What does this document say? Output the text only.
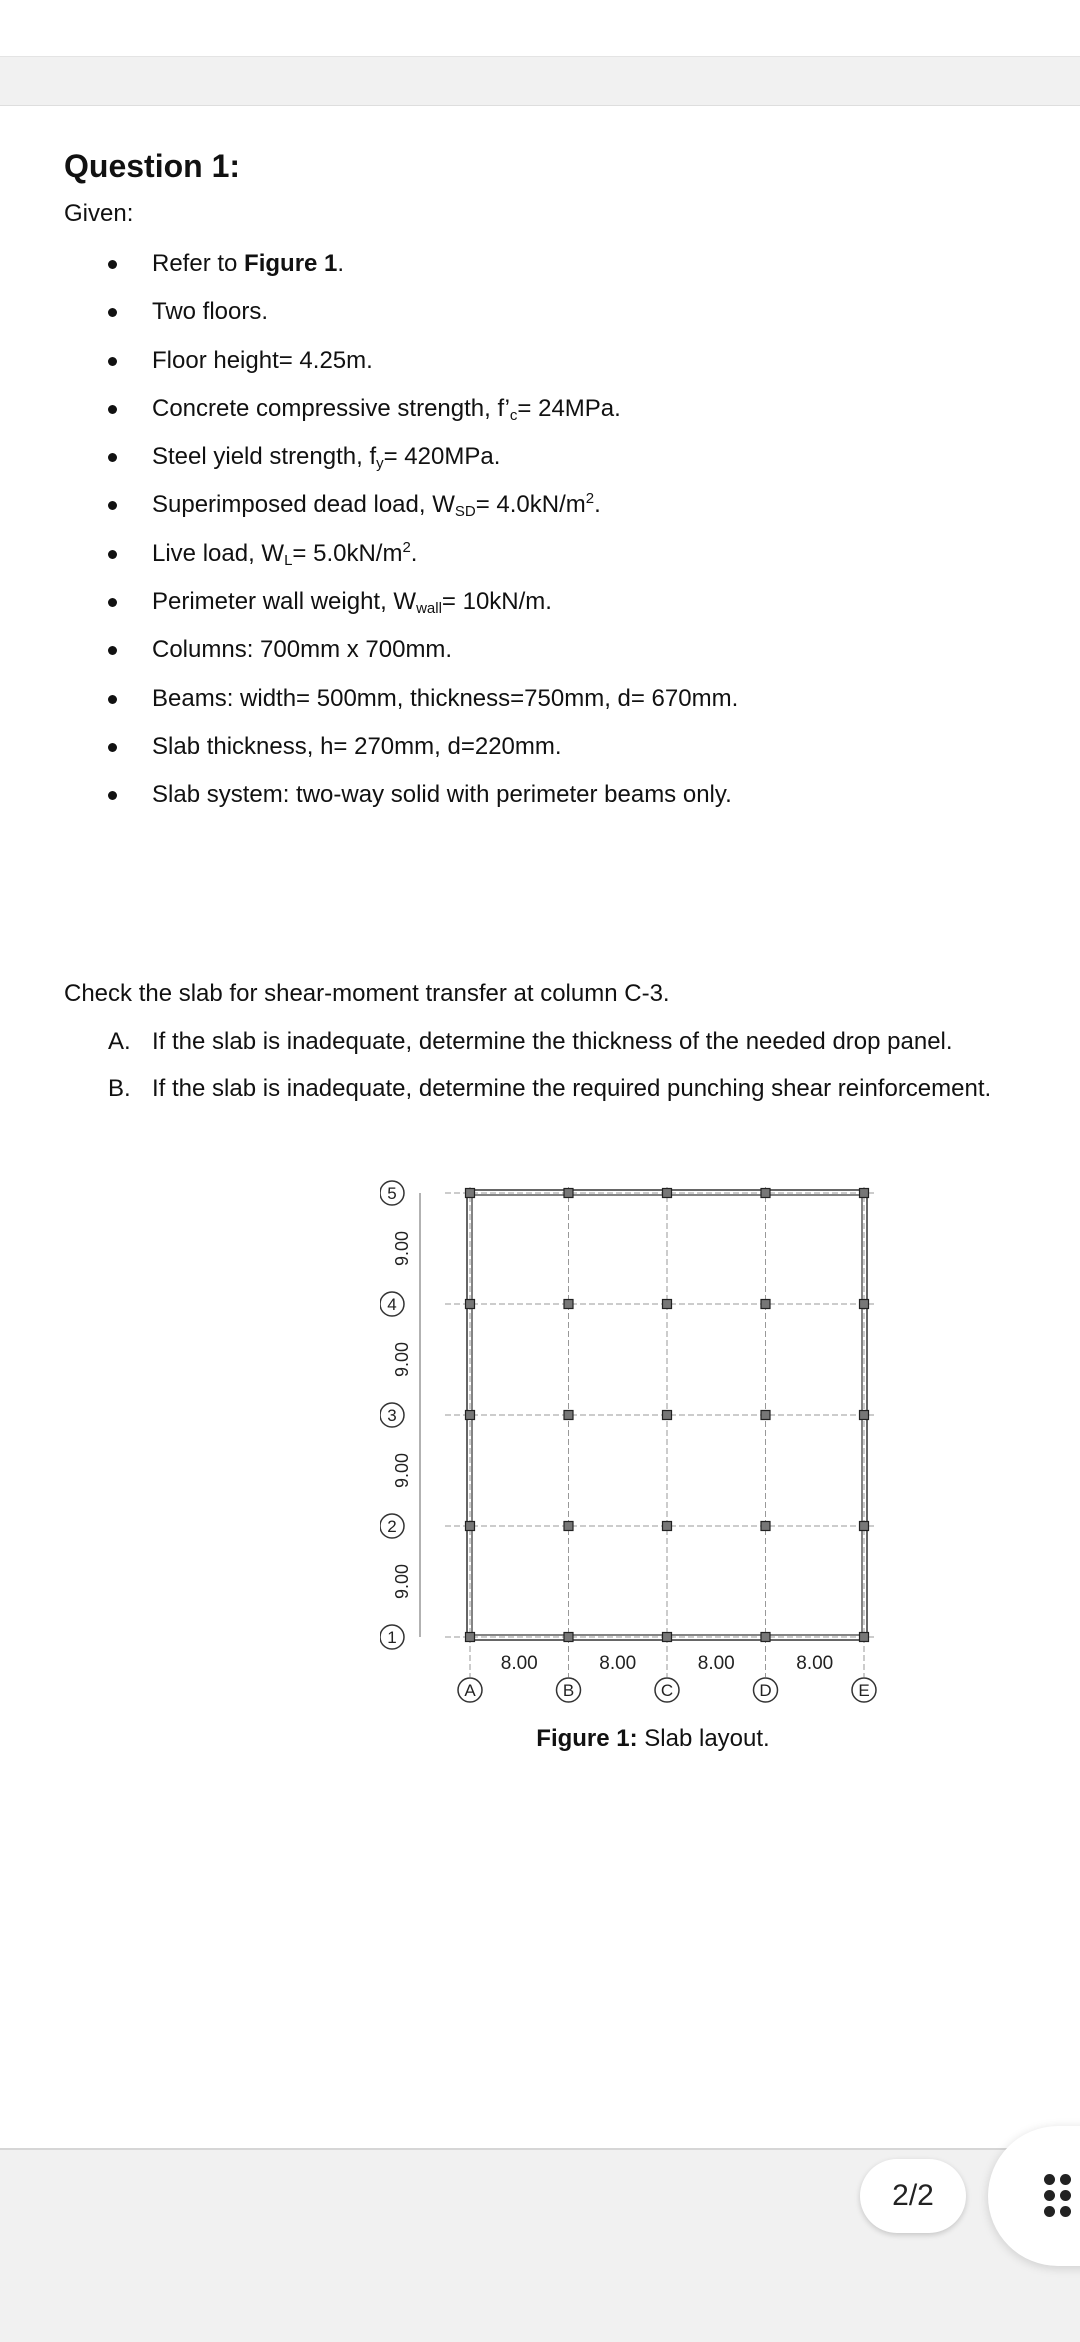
Question 1:
Given:
Refer to Figure 1.
Two floors.
Floor height= 4.25m.
Concrete compressive strength, $f’_c= 24MPa$.
Steel yield strength, $f_y= 420MPa$.
Superimposed dead load, $W_{SD}= 4.0kN/m^2$.
Live load, $W_L= 5.0kN/m^2$.
Perimeter wall weight, $W_{wall}= 10kN/m$.
Columns: 700mm x 700mm.
Beams: width= 500mm, thickness=750mm, d= 670mm.
Slab thickness, h= 270mm, d=220mm.
Slab system: two-way solid with perimeter beams only.
Check the slab for shear-moment transfer at column C-3.
A. If the slab is inadequate, determine the thickness of the needed drop panel.
B. If the slab is inadequate, determine the required punching shear reinforcement.
5
4
3
2
1
9.00
9.00
9.00
9.00
A	B	C	D	E
8.00	8.00	8.00	8.00
Figure 1: Slab layout.
2/2
